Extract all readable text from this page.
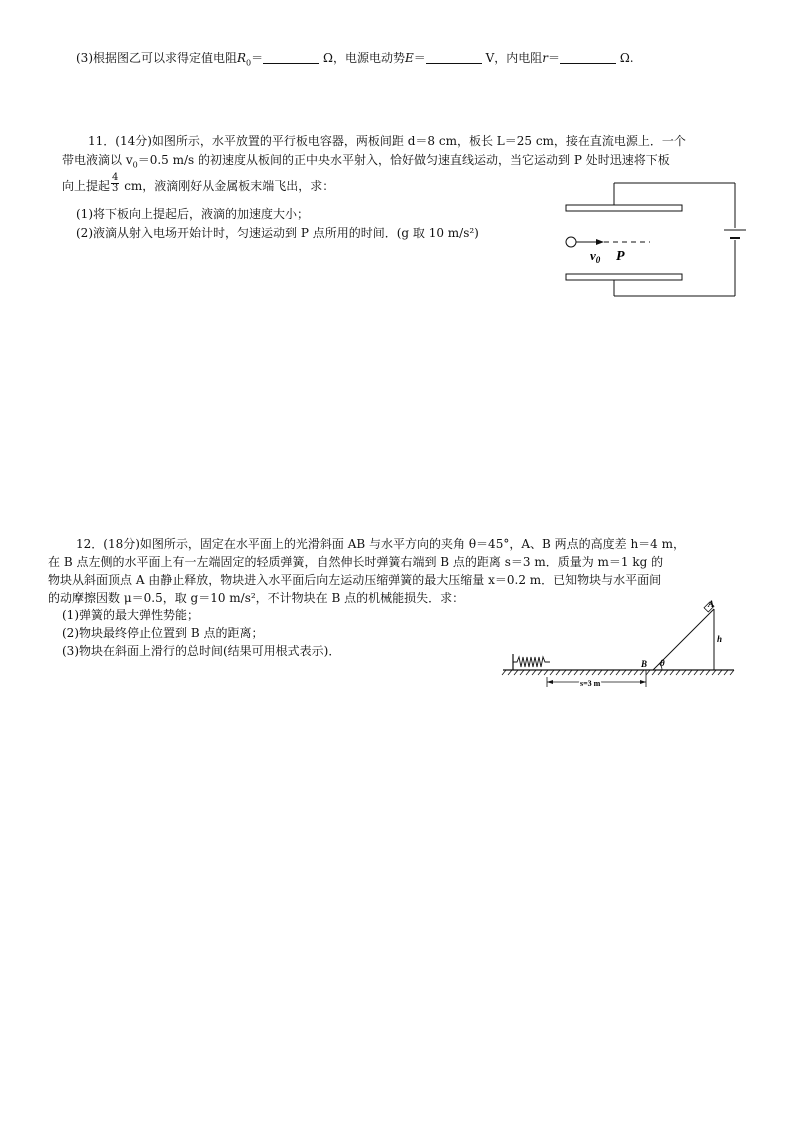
(3)根据图乙可以求得定值电阻$R_0=$	Ω，电源电动势E＝	V，内电阻r＝	Ω.
11．(14分)如图所示，水平放置的平行板电容器，两板间距 d＝8 cm，板长 L＝25 cm，接在直流电源上．一个
带电液滴以 $v_0=0.5$ m/s 的初速度从板间的正中央水平射入，恰好做匀速直线运动，当它运动到 P 处时迅速将下板
向上提起 $\frac{4}{3}$ cm，液滴刚好从金属板末端飞出，求：
(1)将下板向上提起后，液滴的加速度大小；
(2)液滴从射入电场开始计时，匀速运动到 P 点所用的时间．(g 取 10 m/s²)
$v_0$ P
12．(18分)如图所示，固定在水平面上的光滑斜面 AB 与水平方向的夹角 θ＝45°，A、B 两点的高度差 h＝4 m，
在 B 点左侧的水平面上有一左端固定的轻质弹簧，自然伸长时弹簧右端到 B 点的距离 s＝3 m．质量为 m＝1 kg 的
物块从斜面顶点 A 由静止释放，物块进入水平面后向左运动压缩弹簧的最大压缩量 x＝0.2 m．已知物块与水平面间
的动摩擦因数 μ＝0.5，取 g＝10 m/s²，不计物块在 B 点的机械能损失．求：
(1)弹簧的最大弹性势能；
(2)物块最终停止位置到 B 点的距离；
(3)物块在斜面上滑行的总时间(结果可用根式表示)．
A
B
h
θ
s=3 m
